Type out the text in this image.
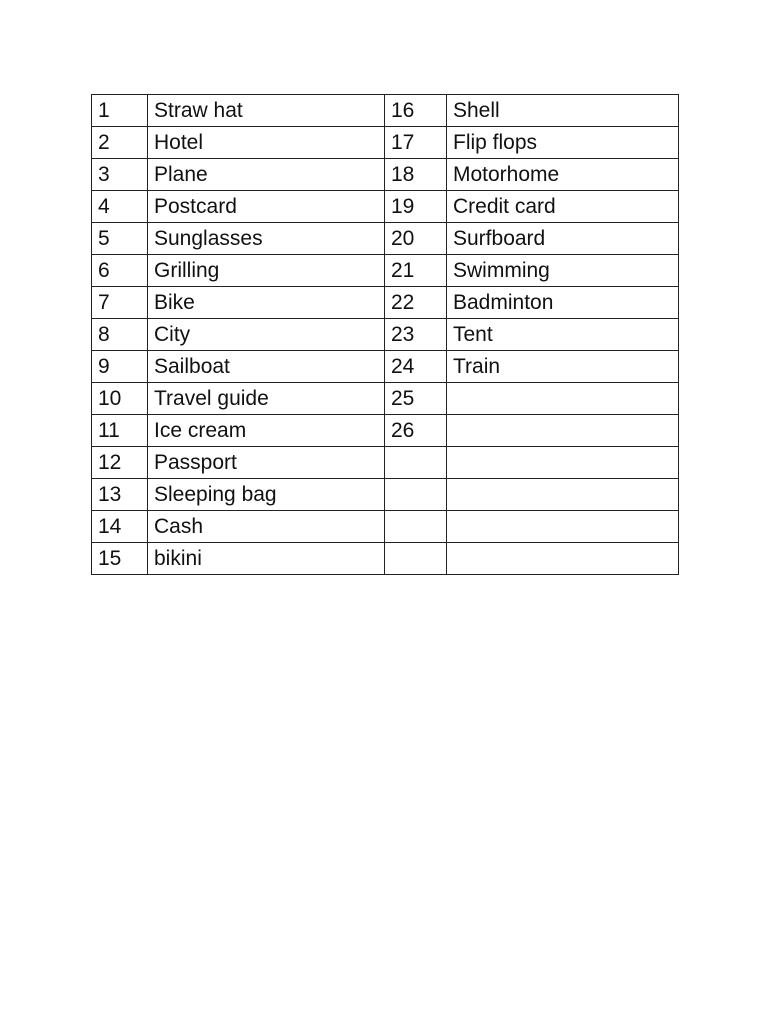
1	Straw hat	16	Shell
2	Hotel	17	Flip flops
3	Plane	18	Motorhome
4	Postcard	19	Credit card
5	Sunglasses	20	Surfboard
6	Grilling	21	Swimming
7	Bike	22	Badminton
8	City	23	Tent
9	Sailboat	24	Train
10	Travel guide	25	
11	Ice cream	26	
12	Passport		
13	Sleeping bag		
14	Cash		
15	bikini		
